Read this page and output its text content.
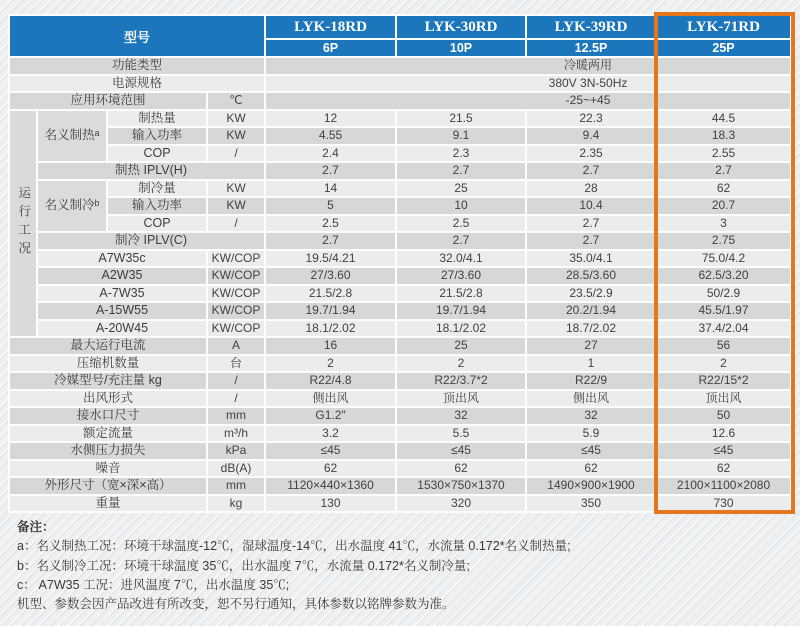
型号				LYK-18RD	LYK-30RD	LYK-39RD	LYK-71RD
				6P	10P	12.5P	25P
功能类型				冷暖两用			
电源规格				380V 3N-50Hz			
应用环境范围			℃	-25~+45			
运行工况	名义制热ᵃ	制热量	KW	12	21.5	22.3	44.5
		输入功率	KW	4.55	9.1	9.4	18.3
		COP	/	2.4	2.3	2.35	2.55
	制热 IPLV(H)			2.7	2.7	2.7	2.7
	名义制冷ᵇ	制冷量	KW	14	25	28	62
		输入功率	KW	5	10	10.4	20.7
		COP	/	2.5	2.5	2.7	3
	制冷 IPLV(C)			2.7	2.7	2.7	2.75
	A7W35c		KW/COP	19.5/4.21	32.0/4.1	35.0/4.1	75.0/4.2
	A2W35		KW/COP	27/3.60	27/3.60	28.5/3.60	62.5/3.20
	A-7W35		KW/COP	21.5/2.8	21.5/2.8	23.5/2.9	50/2.9
	A-15W55		KW/COP	19.7/1.94	19.7/1.94	20.2/1.94	45.5/1.97
	A-20W45		KW/COP	18.1/2.02	18.1/2.02	18.7/2.02	37.4/2.04
最大运行电流			A	16	25	27	56
压缩机数量			台	2	2	1	2
冷媒型号/充注量 kg			/	R22/4.8	R22/3.7*2	R22/9	R22/15*2
出风形式			/	侧出风	顶出风	侧出风	顶出风
接水口尺寸			mm	G1.2″	32	32	50
额定流量			m³/h	3.2	5.5	5.9	12.6
水侧压力损失			kPa	≤45	≤45	≤45	≤45
噪音			dB(A)	62	62	62	62
外形尺寸（宽×深×高）			mm	1120×440×1360	1530×750×1370	1490×900×1900	2100×1100×2080
重量			kg	130	320	350	730
备注：
a：名义制热工况：环境干球温度-12℃，湿球温度-14℃，出水温度 41℃，水流量 0.172*名义制热量;
b：名义制冷工况：环境干球温度 35℃，出水温度 7℃，水流量 0.172*名义制冷量;
c： A7W35 工况：进风温度 7℃，出水温度 35℃;
机型、参数会因产品改进有所改变，恕不另行通知，具体参数以铭牌参数为准。
